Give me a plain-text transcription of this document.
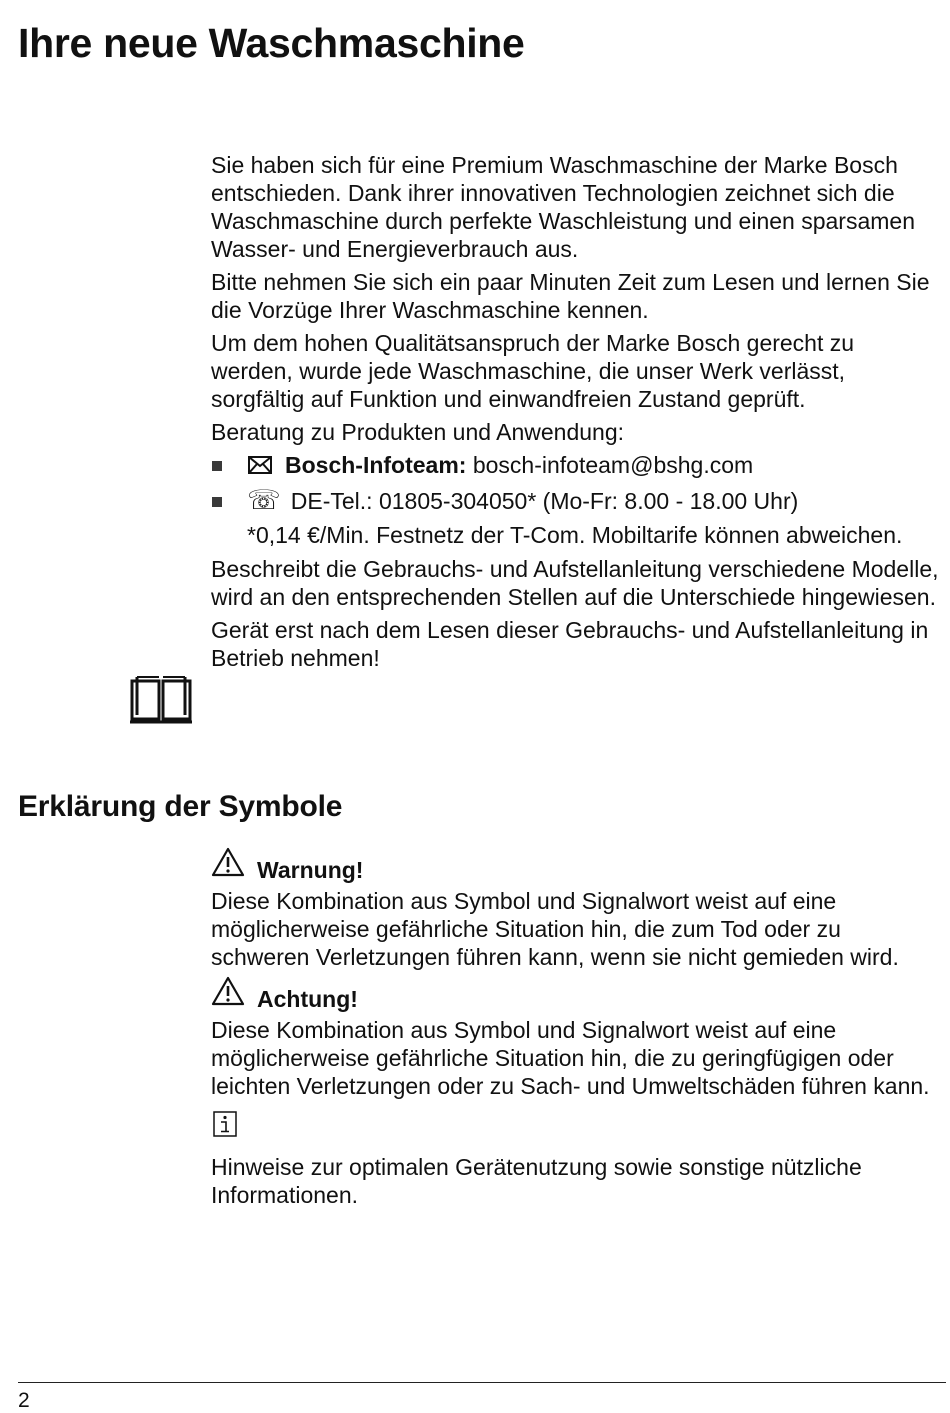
Ihre neue Waschmaschine

Sie haben sich für eine Premium Waschmaschine der Marke Bosch entschieden. Dank ihrer innovativen Technologien zeichnet sich die Waschmaschine durch perfekte Waschleistung und einen sparsamen Wasser- und Energieverbrauch aus.

Bitte nehmen Sie sich ein paar Minuten Zeit zum Lesen und lernen Sie die Vorzüge Ihrer Waschmaschine kennen.

Um dem hohen Qualitätsanspruch der Marke Bosch gerecht zu werden, wurde jede Waschmaschine, die unser Werk verlässt, sorgfältig auf Funktion und einwandfreien Zustand geprüft.

Beratung zu Produkten und Anwendung:

Bosch-Infoteam: bosch-infoteam@bshg.com
☏ DE-Tel.: 01805-304050* (Mo-Fr: 8.00 - 18.00 Uhr)
*0,14 €/Min. Festnetz der T-Com. Mobiltarife können abweichen.

Beschreibt die Gebrauchs- und Aufstellanleitung verschiedene Modelle, wird an den entsprechenden Stellen auf die Unterschiede hingewiesen.

Gerät erst nach dem Lesen dieser Gebrauchs- und Aufstellanleitung in Betrieb nehmen!

Erklärung der Symbole
Warnung!

Diese Kombination aus Symbol und Signalwort weist auf eine möglicherweise gefährliche Situation hin, die zum Tod oder zu schweren Verletzungen führen kann, wenn sie nicht gemieden wird.

Achtung!

Diese Kombination aus Symbol und Signalwort weist auf eine möglicherweise gefährliche Situation hin, die zu geringfügigen oder leichten Verletzungen oder zu Sach- und Umweltschäden führen kann.

Hinweise zur optimalen Gerätenutzung sowie sonstige nützliche Informationen.

2
